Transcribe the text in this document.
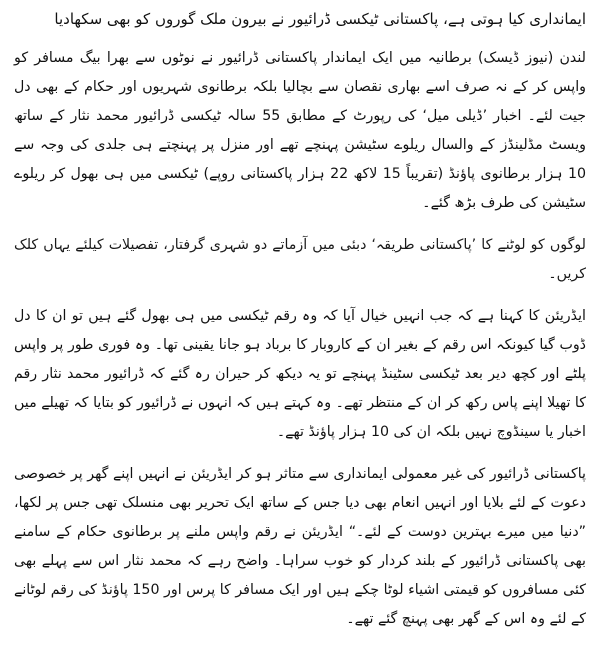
ایمانداری کیا ہوتی ہے، پاکستانی ٹیکسی ڈرائیور نے بیرون ملک گوروں کو بھی سکھادیا

لندن (نیوز ڈیسک) برطانیہ میں ایک ایماندار پاکستانی ڈرائیور نے نوٹوں سے بھرا بیگ مسافر کو واپس کر کے نہ صرف اسے بھاری نقصان سے بچالیا بلکہ برطانوی شہریوں اور حکام کے بھی دل جیت لئے۔ اخبار ’ڈیلی میل‘ کی رپورٹ کے مطابق 55 سالہ ٹیکسی ڈرائیور محمد نثار کے ساتھ ویسٹ مڈلینڈز کے والسال ریلوے سٹیشن پہنچے تھے اور منزل پر پہنچتے ہی جلدی کی وجہ سے 10 ہزار برطانوی پاﺅنڈ (تقریباً 15 لاکھ 22 ہزار پاکستانی روپے) ٹیکسی میں ہی بھول کر ریلوے سٹیشن کی طرف بڑھ گئے۔

لوگوں کو لوٹنے کا ’پاکستانی طریقہ‘ دبئی میں آزماتے دو شہری گرفتار، تفصیلات کیلئے یہاں کلک کریں۔

ایڈریئن کا کہنا ہے کہ جب انہیں خیال آیا کہ وہ رقم ٹیکسی میں ہی بھول گئے ہیں تو ان کا دل ڈوب گیا کیونکہ اس رقم کے بغیر ان کے کاروبار کا برباد ہو جانا یقینی تھا۔ وہ فوری طور پر واپس پلٹے اور کچھ دیر بعد ٹیکسی سٹینڈ پہنچے تو یہ دیکھ کر حیران رہ گئے کہ ڈرائیور محمد نثار رقم کا تھیلا اپنے پاس رکھ کر ان کے منتظر تھے۔ وہ کہتے ہیں کہ انہوں نے ڈرائیور کو بتایا کہ تھیلے میں اخبار یا سینڈوچ نہیں بلکہ ان کی 10 ہزار پاﺅنڈ تھے۔

پاکستانی ڈرائیور کی غیر معمولی ایمانداری سے متاثر ہو کر ایڈریئن نے انہیں اپنے گھر پر خصوصی دعوت کے لئے بلایا اور انہیں انعام بھی دیا جس کے ساتھ ایک تحریر بھی منسلک تھی جس پر لکھا، ”دنیا میں میرے بہترین دوست کے لئے۔“ ایڈریئن نے رقم واپس ملنے پر برطانوی حکام کے سامنے بھی پاکستانی ڈرائیور کے بلند کردار کو خوب سراہا۔ واضح رہے کہ محمد نثار اس سے پہلے بھی کئی مسافروں کو قیمتی اشیاء لوٹا چکے ہیں اور ایک مسافر کا پرس اور 150 پاﺅنڈ کی رقم لوٹانے کے لئے وہ اس کے گھر بھی پہنچ گئے تھے۔
